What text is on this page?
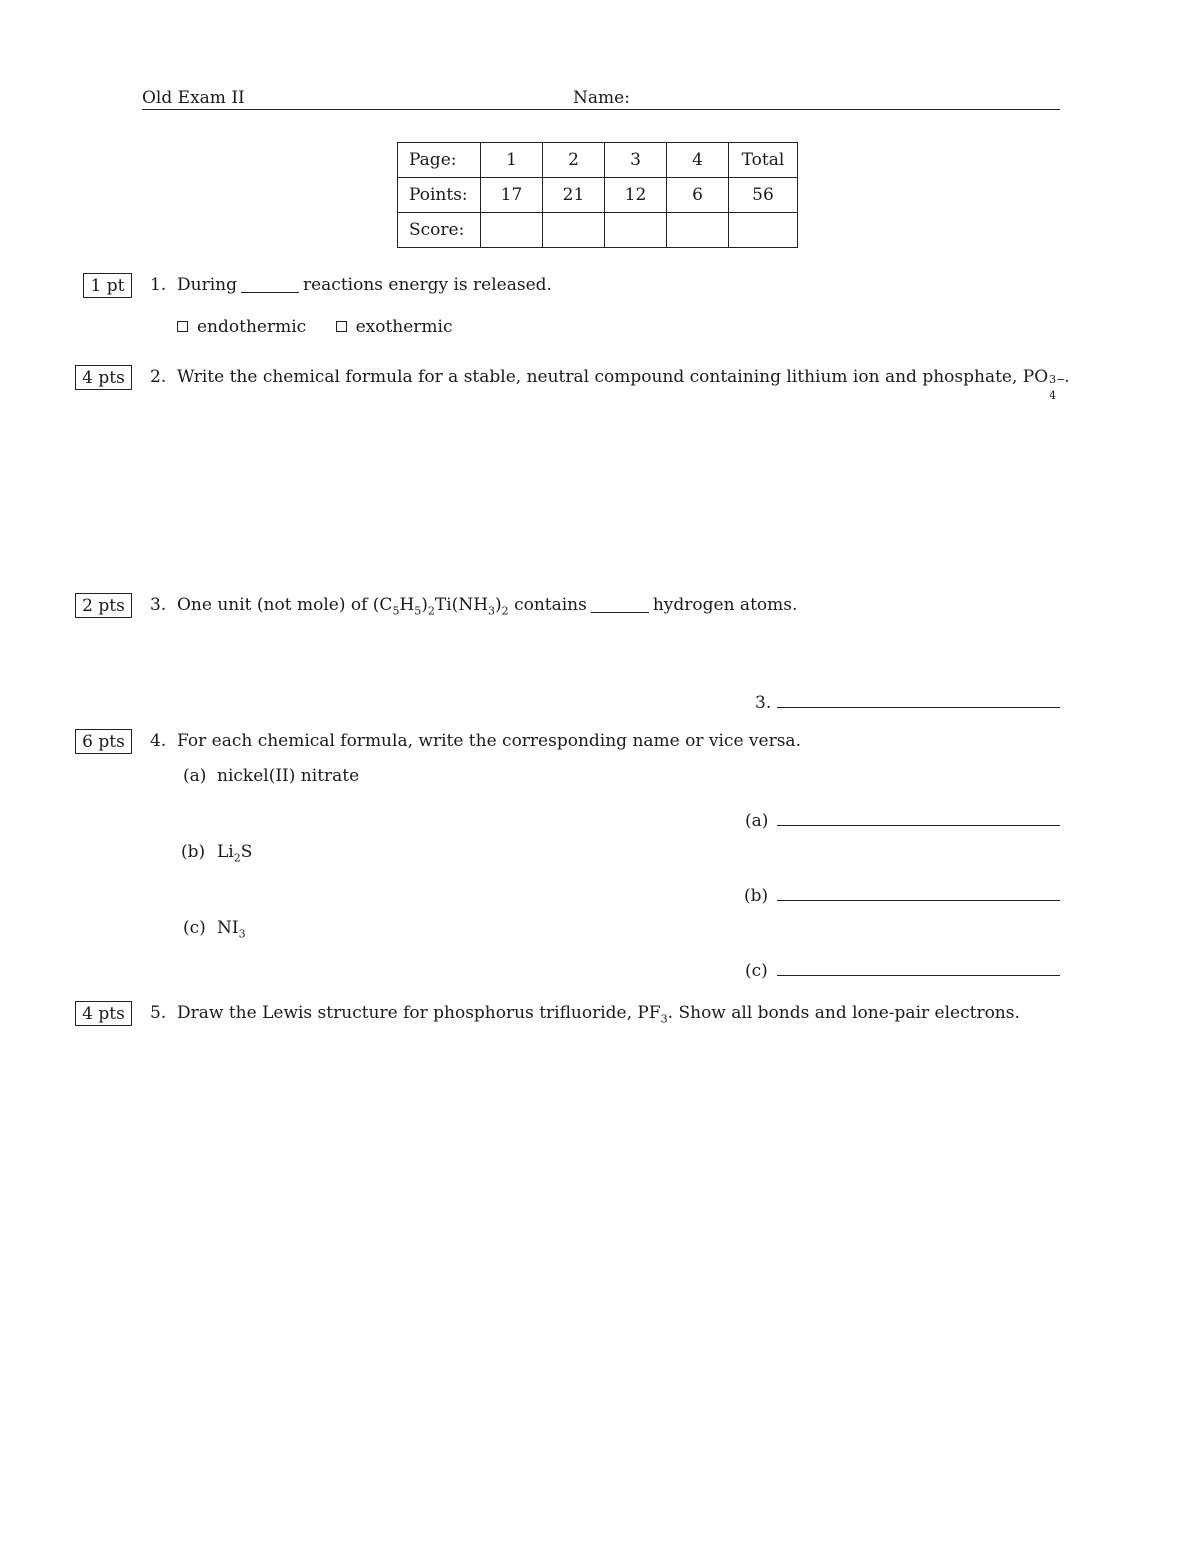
Old Exam II	Name:
Page:	1	2	3	4	Total
Points:	17	21	12	6	56
Score:					
1 pt	1. During	reactions energy is released.
endothermic	exothermic
4 pts	2. Write the chemical formula for a stable, neutral compound containing lithium ion and phosphate, PO 3−
4
.
2 pts	3. One unit (not mole) of $(C_5H_5)_2Ti(NH_3)_2$ contains	hydrogen atoms.
3.
6 pts	4. For each chemical formula, write the corresponding name or vice versa.
(a) nickel(II) nitrate
(a)
(b) $Li_2S$
(b)
(c) $NI_3$
(c)
4 pts	5. Draw the Lewis structure for phosphorus trifluoride, $PF_3$. Show all bonds and lone-pair electrons.
